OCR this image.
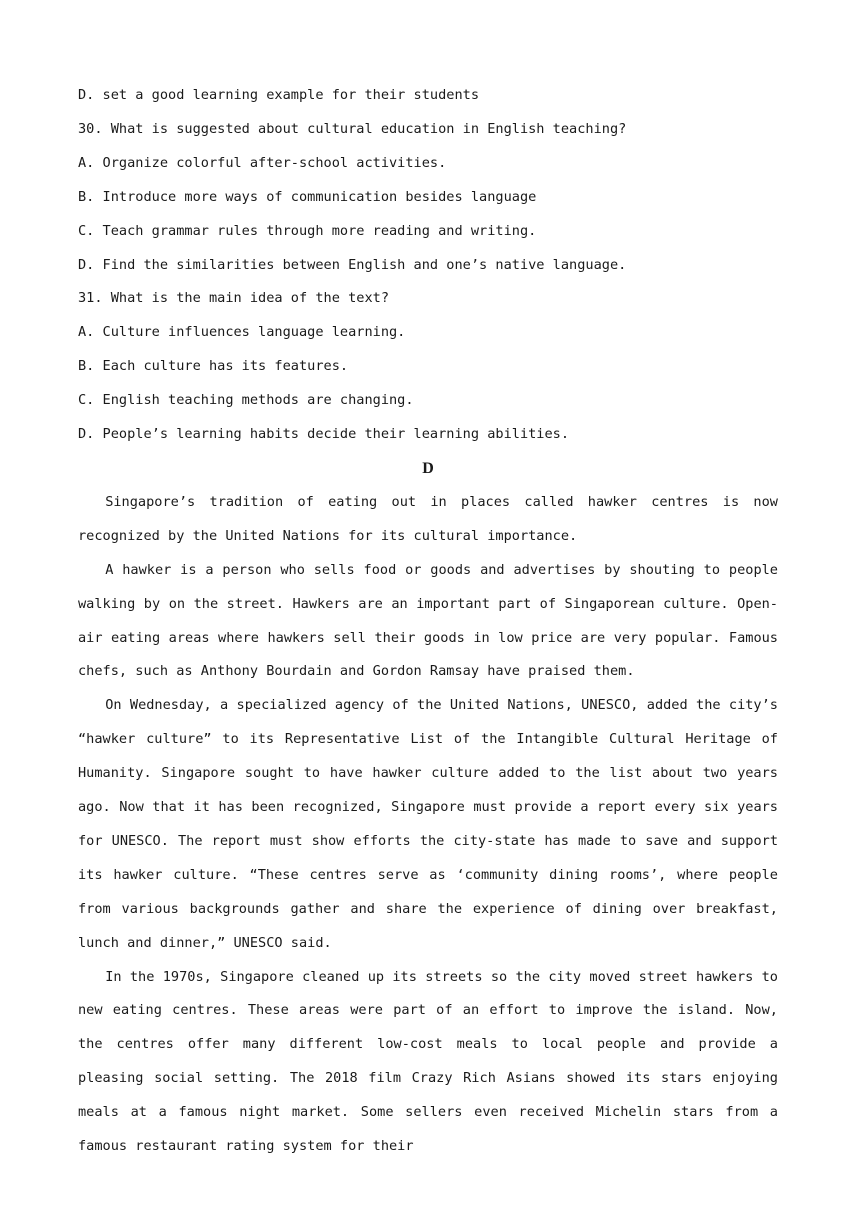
D. set a good learning example for their students

30. What is suggested about cultural education in English teaching?

A. Organize colorful after-school activities.

B. Introduce more ways of communication besides language

C. Teach grammar rules through more reading and writing.

D. Find the similarities between English and one’s native language.

31. What is the main idea of the text?

A. Culture influences language learning.

B. Each culture has its features.

C. English teaching methods are changing.

D. People’s learning habits decide their learning abilities.

D

Singapore’s tradition of eating out in places called hawker centres is now recognized by the United Nations for its cultural importance.

A hawker is a person who sells food or goods and advertises by shouting to people walking by on the street. Hawkers are an important part of Singaporean culture. Open-air eating areas where hawkers sell their goods in low price are very popular. Famous chefs, such as Anthony Bourdain and Gordon Ramsay have praised them.

On Wednesday, a specialized agency of the United Nations, UNESCO, added the city’s “hawker culture” to its Representative List of the Intangible Cultural Heritage of Humanity. Singapore sought to have hawker culture added to the list about two years ago. Now that it has been recognized, Singapore must provide a report every six years for UNESCO. The report must show efforts the city-state has made to save and support its hawker culture. “These centres serve as ‘community dining rooms’, where people from various backgrounds gather and share the experience of dining over breakfast, lunch and dinner,” UNESCO said.

In the 1970s, Singapore cleaned up its streets so the city moved street hawkers to new eating centres. These areas were part of an effort to improve the island. Now, the centres offer many different low-cost meals to local people and provide a pleasing social setting. The 2018 film Crazy Rich Asians showed its stars enjoying meals at a famous night market. Some sellers even received Michelin stars from a famous restaurant rating system for their
